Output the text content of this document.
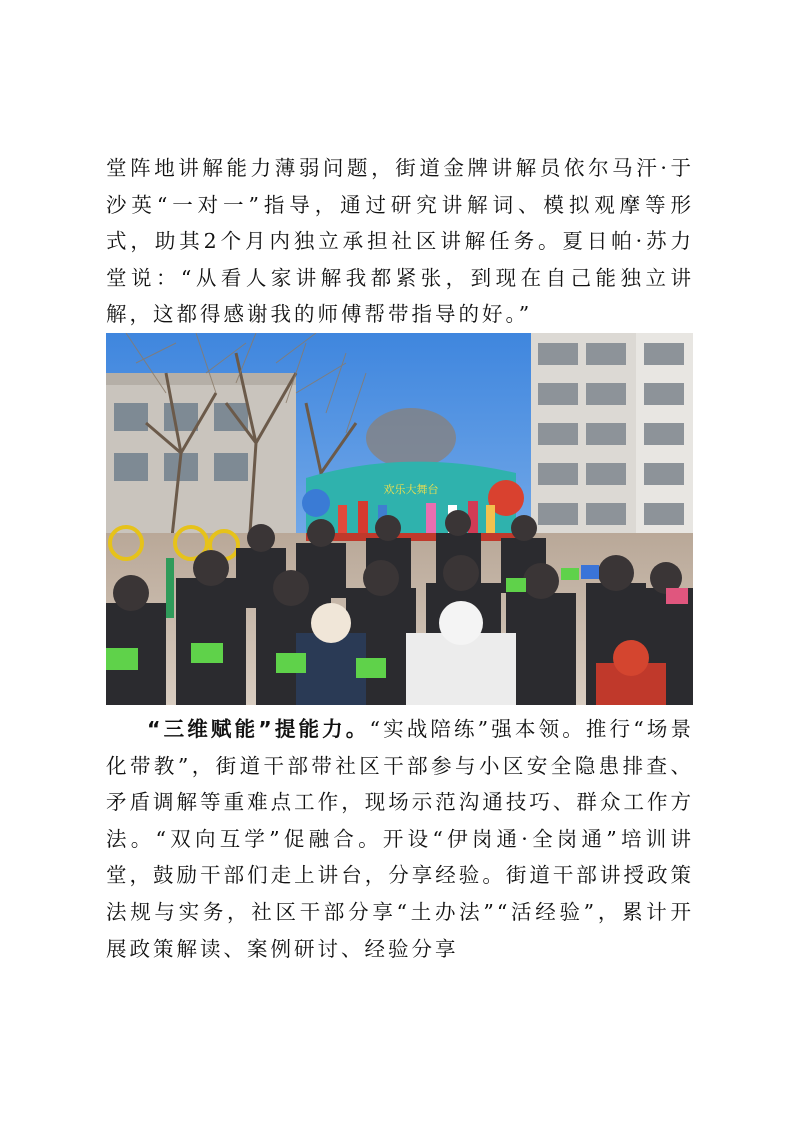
堂阵地讲解能力薄弱问题，街道金牌讲解员依尔马汗·于沙英“一对一”指导，通过研究讲解词、模拟观摩等形式，助其2个月内独立承担社区讲解任务。夏日帕·苏力堂说：“从看人家讲解我都紧张，到现在自己能独立讲解，这都得感谢我的师傅帮带指导的好。”

欢乐大舞台

“三维赋能”提能力。“实战陪练”强本领。推行“场景化带教”，街道干部带社区干部参与小区安全隐患排查、矛盾调解等重难点工作，现场示范沟通技巧、群众工作方法。“双向互学”促融合。开设“伊岗通·全岗通”培训讲堂，鼓励干部们走上讲台，分享经验。街道干部讲授政策法规与实务，社区干部分享“土办法”“活经验”，累计开展政策解读、案例研讨、经验分享
